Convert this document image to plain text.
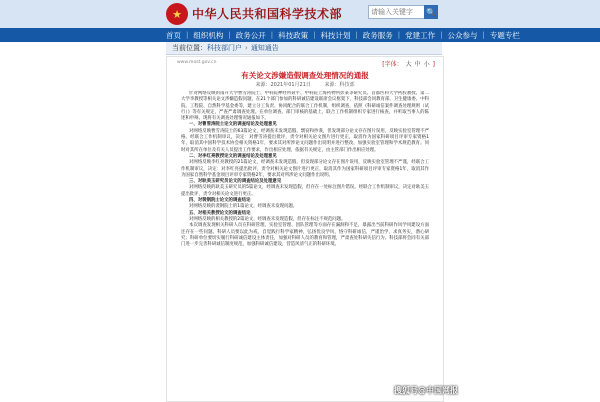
★ 中华人民共和国科学技术部
请输入关键字	🔍
首页 | 组织机构 | 政务公开 | 科技政策 | 科技计划 | 政务服务 | 党建工作 | 公众参与 | 专题专栏
当前位置：科技部门户 › 通知通告
www.most.gov.cn	[字体： 大 中 小 ]
有关论文涉嫌造假调查处理情况的通报
来源：2021年01月21日	来源：科技部

针对网络反映的南开大学曹雪涛院士、中科院神经所聂平、中科院上海药物所彭某等研究员、首都医科大学药胶教授、第二大学李教授等相关论文涉嫌造假问题，在21个部门参加的科研诚信建设联席会议框架下，科技部会同教育部、卫生健康委、中科院、工程院、自然科学基金委等，建立分工负责、协同配合的联合工作机制，组织调查，依照《科研诚信案件调查处理规则（试行）》等有关规定，严查严肃调查处理。在单位调查、部门审核的基础上，联合工作机制组织专家进行核查，并听取当事人的陈述和申辩。现将有关调查处理情况通报如下。

一、对曹雪涛院士论文的调查结论及处理意见

对网络反映曹雪涛院士的63篇论文，经调查未发现造假、剽窃和抄袭，但发现部分论文存在图片误用，反映实验室管理不严格。经联合工作机制审议，决定：对曹雪涛提出批评，责令对相关论文图片进行更正，取消作为国家科研项目评审专家资格1年，取消其中国科学技术协会相关资格1年，要求其对所涉论文问题作出说明并进行整改，加强实验室管理和学术规范教育。同时对其所在单位及有关人员提出工作要求，作出相应处理，依据有关规定，由主管部门作出相应处理。

二、对李红亮教授论文的调查结论及处理意见

对网络反映李红亮教授的21篇论文，经调查未发现造假，但发现部分论文存在图片误用，反映实验室管理不严谨，经联合工作机制审议，决定：对李红亮提出批评，责令对相关论文图片进行更正，取消其作为国家科研项目评审专家资格1年，取消其作为国家自然科学基金项目评审专家资格2年，要求其对所涉论文问题作出说明。

三、对耿美玉研究员论文的调查结论及处理意见

对网络反映的耿美玉研究员的5篇论文，经调查未发现造假，但存在一处标注图片错误。经联合工作机制审议，决定对耿美玉提出批评，责令对相关论文进行更正。

四、对裴钢院士论文的调查结论

对网络反映的裴钢院士的1篇论文，经调查未发现问题。

五、对相关教授论文的调查结论

对网络反映的相关教授的2篇论文，经调查未发现造假，但存在标注不规范问题。

本次调查发现相关科研人员在科研管理、实验室管理、团队管理等方面存在漏洞和不足，暴露出当前科研作风学风建设方面还存在一些问题。科研人员要以此为戒，自觉践行科学家精神，弘扬优良学风，恪守科研诚信，严谨治学，求真务实，潜心研究；科研单位要切实履行科研诚信建设主体责任，加强对科研人员的教育和管理，严肃查处科研失信行为。科技部将会同有关部门进一步完善科研诚信制度规范，加强科研诚信建设，营造风清气正的科研环境。

搜狐号@中国网报
